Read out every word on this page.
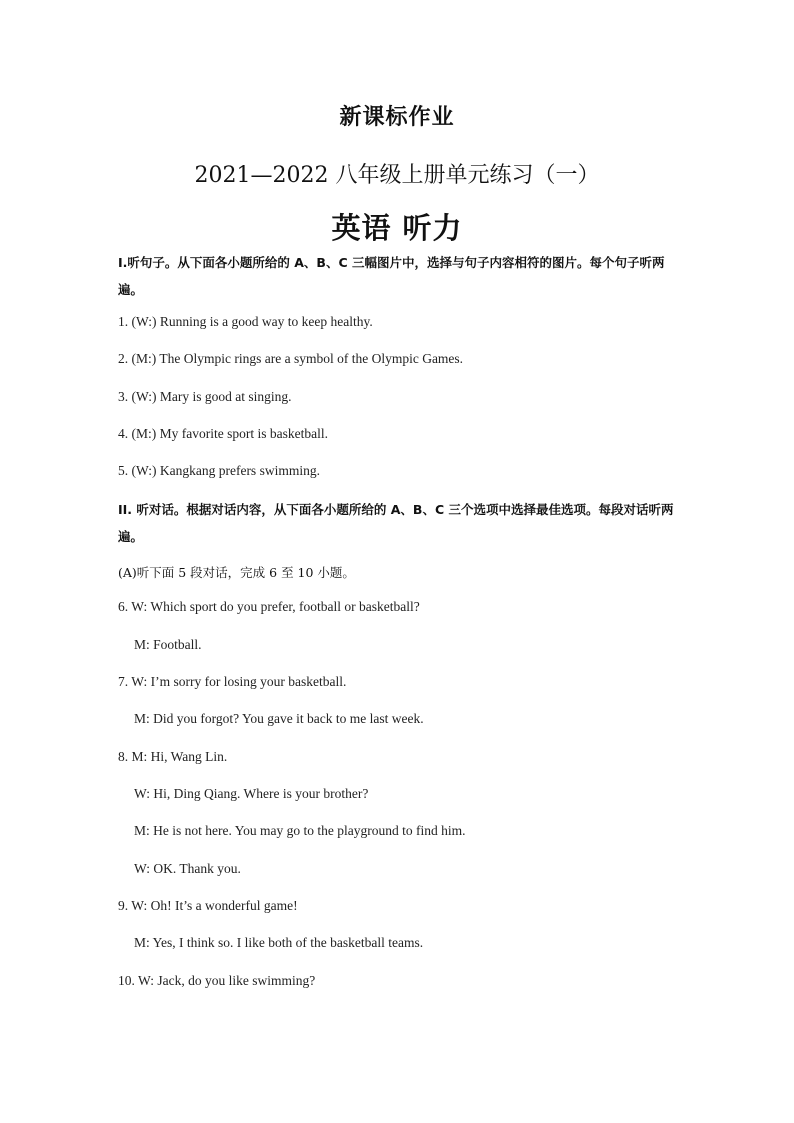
新课标作业
2021—2022 八年级上册单元练习（一）
英语 听力
Ⅰ.听句子。从下面各小题所给的 A、B、C 三幅图片中，选择与句子内容相符的图片。每个句子听两遍。
1. (W:) Running is a good way to keep healthy.
2. (M:) The Olympic rings are a symbol of the Olympic Games.
3. (W:) Mary is good at singing.
4. (M:) My favorite sport is basketball.
5. (W:) Kangkang prefers swimming.
II. 听对话。根据对话内容，从下面各小题所给的 A、B、C 三个选项中选择最佳选项。每段对话听两遍。
(A)听下面 5 段对话，完成 6 至 10 小题。
6. W: Which sport do you prefer, football or basketball?
M: Football.
7. W: I’m sorry for losing your basketball.
M: Did you forgot? You gave it back to me last week.
8. M: Hi, Wang Lin.
W: Hi, Ding Qiang. Where is your brother?
M: He is not here. You may go to the playground to find him.
W: OK. Thank you.
9. W: Oh! It’s a wonderful game!
M: Yes, I think so. I like both of the basketball teams.
10. W: Jack, do you like swimming?
